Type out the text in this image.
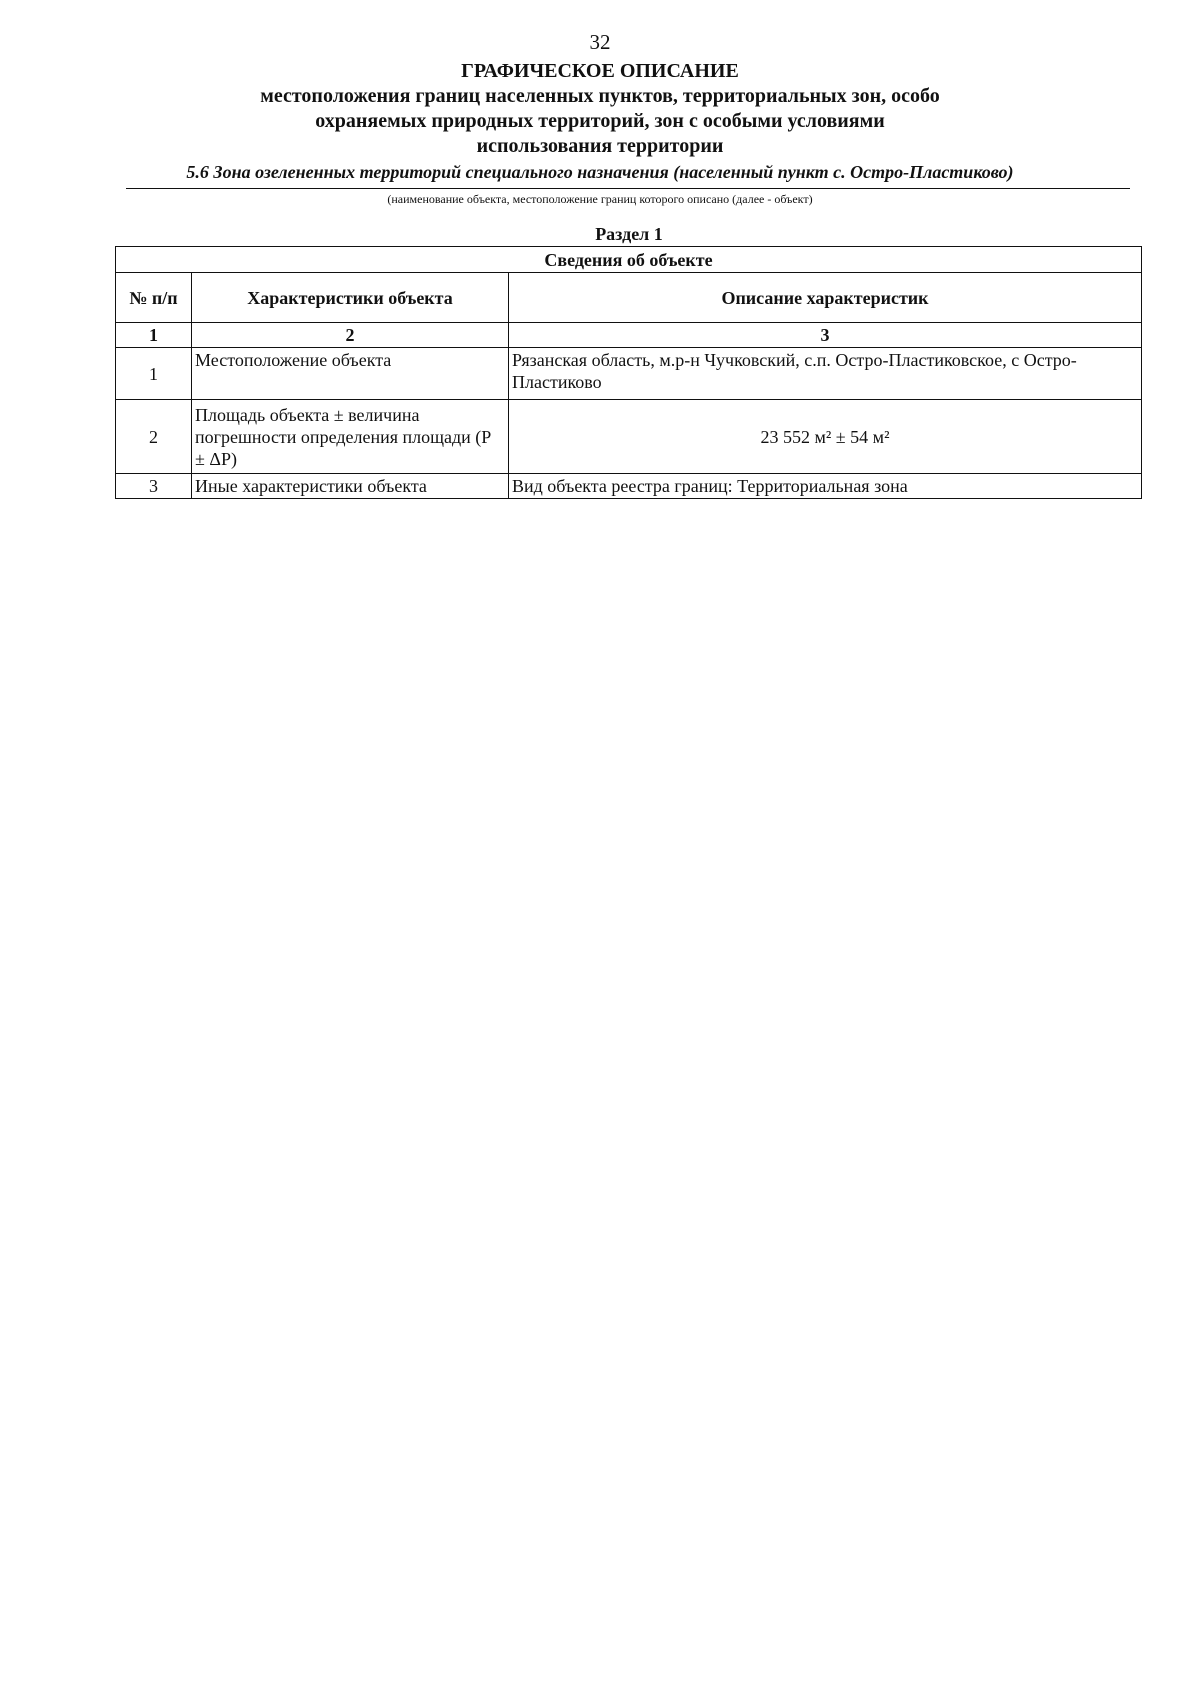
32
ГРАФИЧЕСКОЕ ОПИСАНИЕ
местоположения границ населенных пунктов, территориальных зон, особо охраняемых природных территорий, зон с особыми условиями использования территории
5.6 Зона озелененных территорий специального назначения (населенный пункт с. Остро-Пластиково)
(наименование объекта, местоположение границ которого описано (далее - объект)
Раздел 1
Сведения об объекте		
№ п/п	Характеристики объекта	Описание характеристик
1	2	3
1	Местоположение объекта	Рязанская область, м.р-н Чучковский, с.п. Остро-Пластиковское, с Остро-Пластиково
2	Площадь объекта ± величина погрешности определения площади (Р ± ΔР)	23 552 м² ± 54 м²
3	Иные характеристики объекта	Вид объекта реестра границ: Территориальная зона
